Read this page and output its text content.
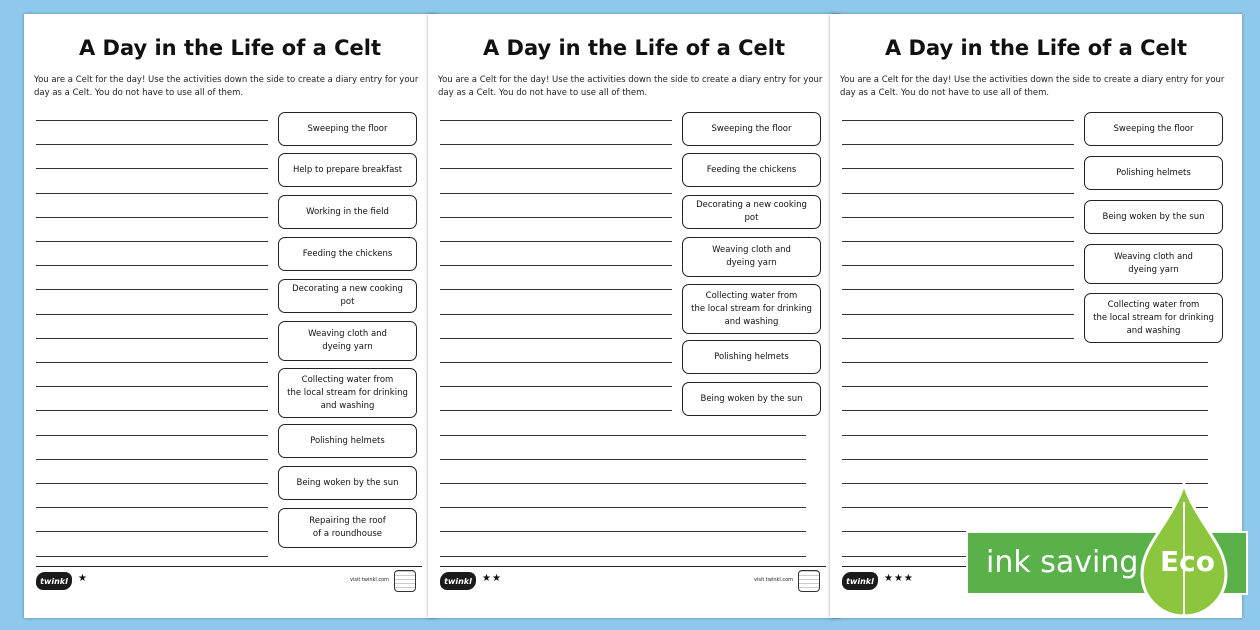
A Day in the Life of a Celt
You are a Celt for the day! Use the activities down the side to create a diary entry for your day as a Celt. You do not have to use all of them.
Sweeping the floor
Help to prepare breakfast
Working in the field
Feeding the chickens
Decorating a new cooking pot
Weaving cloth and
dyeing yarn
Collecting water from
the local stream for drinking
and washing
Polishing helmets
Being woken by the sun
Repairing the roof
of a roundhouse
twinkl	★	visit twinkl.com
A Day in the Life of a Celt
You are a Celt for the day! Use the activities down the side to create a diary entry for your day as a Celt. You do not have to use all of them.
Sweeping the floor
Feeding the chickens
Decorating a new cooking pot
Weaving cloth and
dyeing yarn
Collecting water from
the local stream for drinking
and washing
Polishing helmets
Being woken by the sun
twinkl	★★	visit twinkl.com
A Day in the Life of a Celt
You are a Celt for the day! Use the activities down the side to create a diary entry for your day as a Celt. You do not have to use all of them.
Sweeping the floor
Polishing helmets
Being woken by the sun
Weaving cloth and
dyeing yarn
Collecting water from
the local stream for drinking
and washing
twinkl	★★★ ink saving Eco
